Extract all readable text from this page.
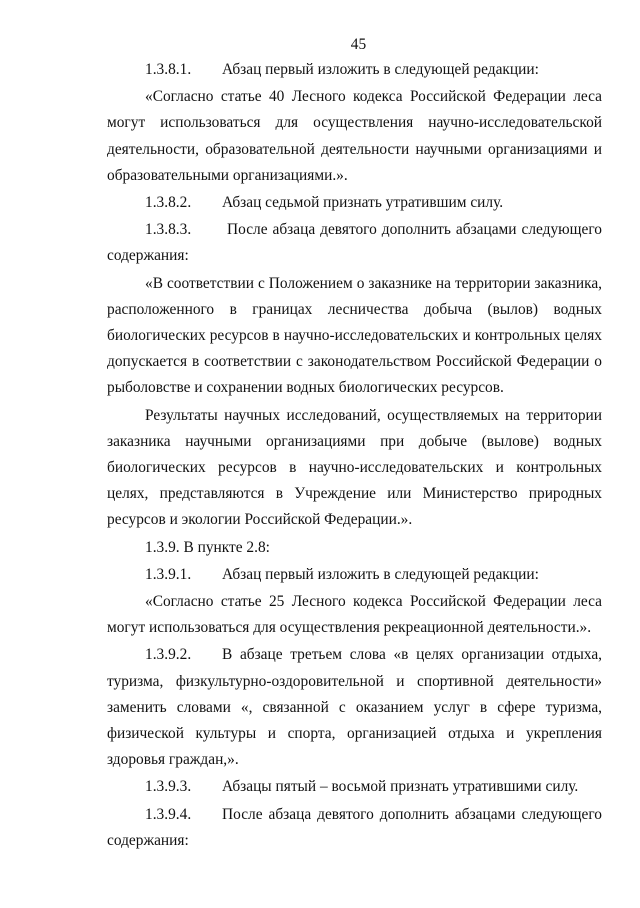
45

1.3.8.1. Абзац первый изложить в следующей редакции:

«Согласно статье 40 Лесного кодекса Российской Федерации леса могут использоваться для осуществления научно-исследовательской деятельности, образовательной деятельности научными организациями и образовательными организациями.».

1.3.8.2. Абзац седьмой признать утратившим силу.

1.3.8.3. После абзаца девятого дополнить абзацами следующего содержания:

«В соответствии с Положением о заказнике на территории заказника, расположенного в границах лесничества добыча (вылов) водных биологических ресурсов в научно-исследовательских и контрольных целях допускается в соответствии с законодательством Российской Федерации о рыболовстве и сохранении водных биологических ресурсов.

Результаты научных исследований, осуществляемых на территории заказника научными организациями при добыче (вылове) водных биологических ресурсов в научно-исследовательских и контрольных целях, представляются в Учреждение или Министерство природных ресурсов и экологии Российской Федерации.».

1.3.9. В пункте 2.8:

1.3.9.1. Абзац первый изложить в следующей редакции:

«Согласно статье 25 Лесного кодекса Российской Федерации леса могут использоваться для осуществления рекреационной деятельности.».

1.3.9.2. В абзаце третьем слова «в целях организации отдыха, туризма, физкультурно-оздоровительной и спортивной деятельности» заменить словами «, связанной с оказанием услуг в сфере туризма, физической культуры и спорта, организацией отдыха и укрепления здоровья граждан,».

1.3.9.3. Абзацы пятый – восьмой признать утратившими силу.

1.3.9.4. После абзаца девятого дополнить абзацами следующего содержания:
